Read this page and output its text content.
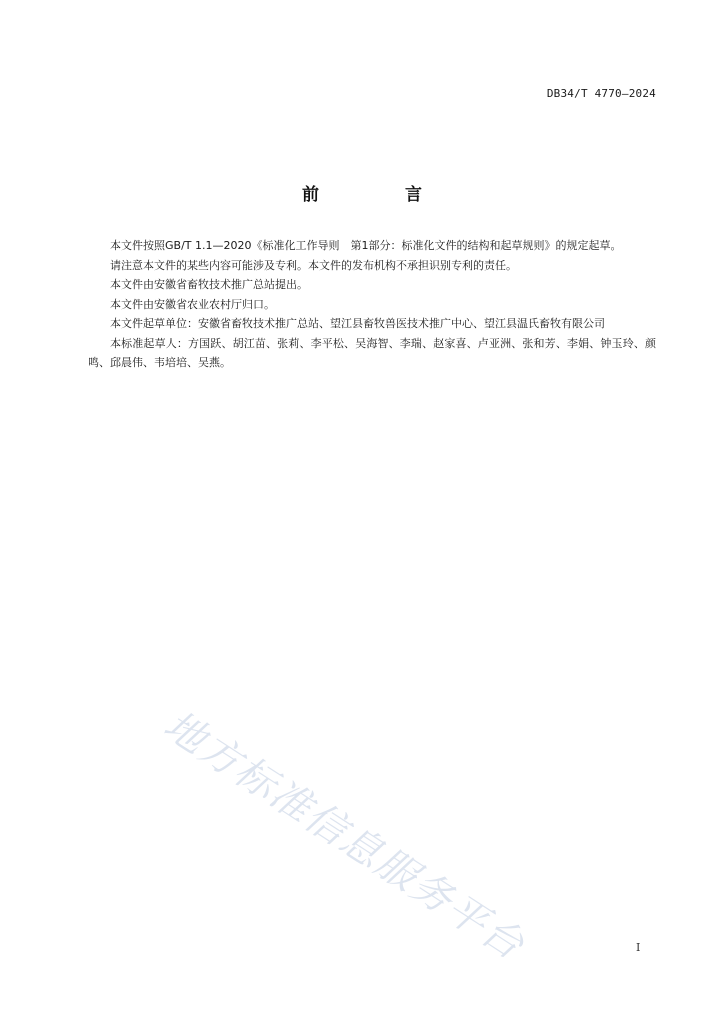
DB34/T 4770—2024
前 言

本文件按照GB/T 1.1—2020《标准化工作导则　第1部分：标准化文件的结构和起草规则》的规定起草。

请注意本文件的某些内容可能涉及专利。本文件的发布机构不承担识别专利的责任。

本文件由安徽省畜牧技术推广总站提出。

本文件由安徽省农业农村厅归口。

本文件起草单位：安徽省畜牧技术推广总站、望江县畜牧兽医技术推广中心、望江县温氏畜牧有限公司

本标准起草人：方国跃、胡江苗、张莉、李平松、吴海智、李瑞、赵家喜、卢亚洲、张和芳、李娟、钟玉玲、颜鸣、邱晨伟、韦培培、吴燕。

地方标准信息服务平台	I
